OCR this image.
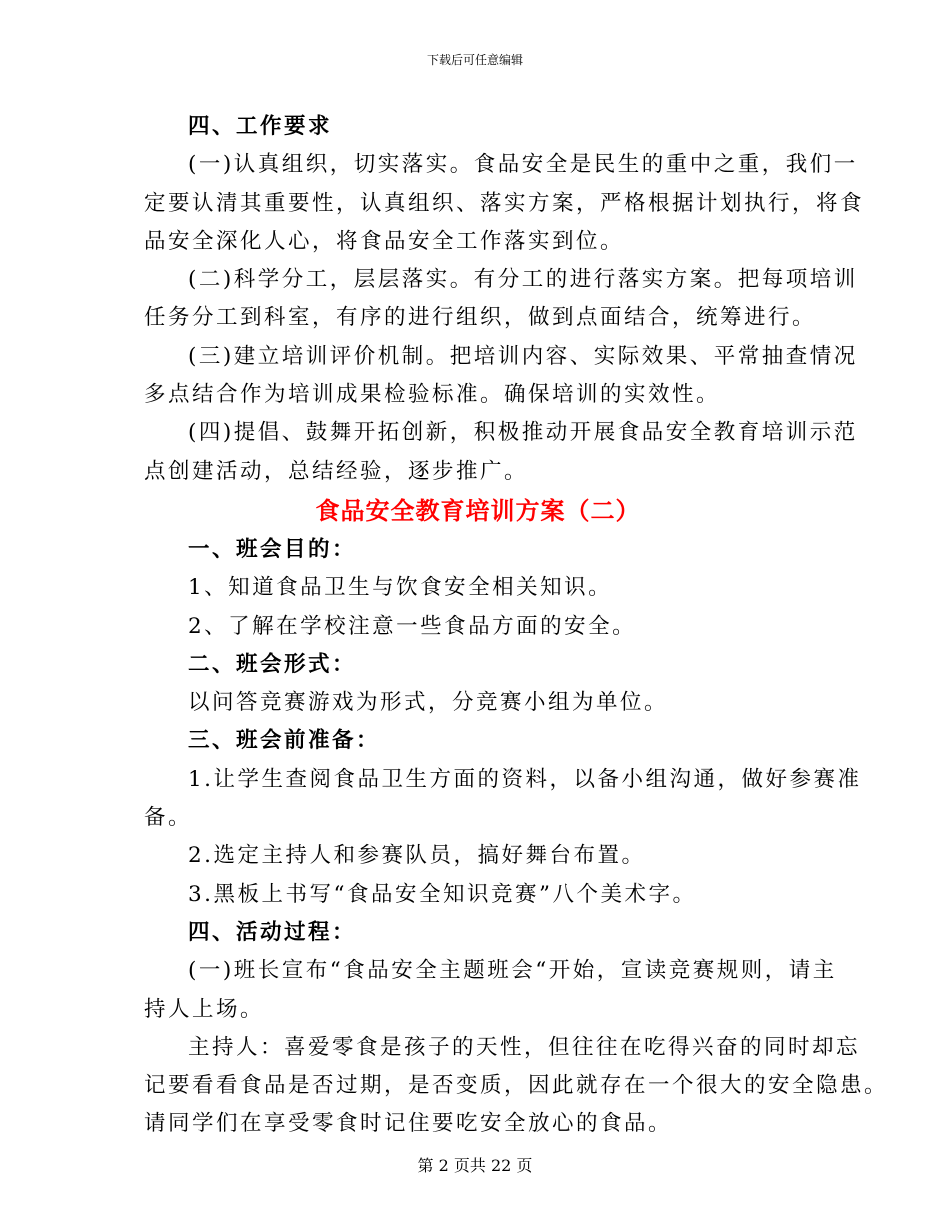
下载后可任意编辑
四、工作要求
(一)认真组织，切实落实。食品安全是民生的重中之重，我们一
定要认清其重要性，认真组织、落实方案，严格根据计划执行，将食
品安全深化人心，将食品安全工作落实到位。
(二)科学分工，层层落实。有分工的进行落实方案。把每项培训
任务分工到科室，有序的进行组织，做到点面结合，统筹进行。
(三)建立培训评价机制。把培训内容、实际效果、平常抽查情况
多点结合作为培训成果检验标准。确保培训的实效性。
(四)提倡、鼓舞开拓创新，积极推动开展食品安全教育培训示范
点创建活动，总结经验，逐步推广。
食品安全教育培训方案（二）
一、班会目的：
1、知道食品卫生与饮食安全相关知识。
2、了解在学校注意一些食品方面的安全。
二、班会形式：
以问答竞赛游戏为形式，分竞赛小组为单位。
三、班会前准备：
1.让学生查阅食品卫生方面的资料，以备小组沟通，做好参赛准
备。
2.选定主持人和参赛队员，搞好舞台布置。
3.黑板上书写“食品安全知识竞赛”八个美术字。
四、活动过程：
(一)班长宣布“食品安全主题班会“开始，宣读竞赛规则，请主
持人上场。
主持人：喜爱零食是孩子的天性，但往往在吃得兴奋的同时却忘
记要看看食品是否过期，是否变质，因此就存在一个很大的安全隐患。
请同学们在享受零食时记住要吃安全放心的食品。
第 2 页共 22 页
